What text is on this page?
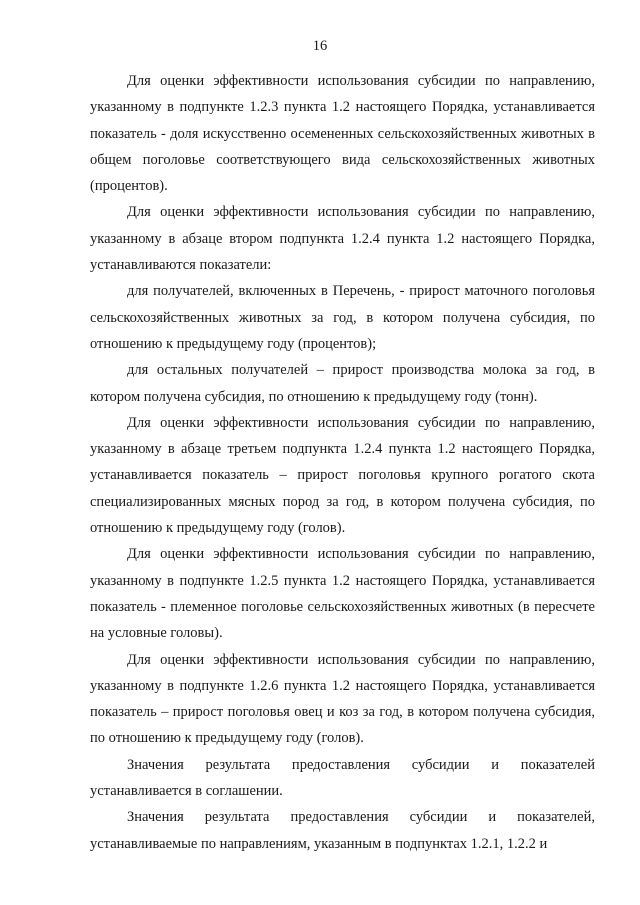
16

Для оценки эффективности использования субсидии по направлению, указанному в подпункте 1.2.3 пункта 1.2 настоящего Порядка, устанавливается показатель - доля искусственно осемененных сельскохозяйственных животных в общем поголовье соответствующего вида сельскохозяйственных животных (процентов).

Для оценки эффективности использования субсидии по направлению, указанному в абзаце втором подпункта 1.2.4 пункта 1.2 настоящего Порядка, устанавливаются показатели:

для получателей, включенных в Перечень, - прирост маточного поголовья сельскохозяйственных животных за год, в котором получена субсидия, по отношению к предыдущему году (процентов);

для остальных получателей – прирост производства молока за год, в котором получена субсидия, по отношению к предыдущему году (тонн).

Для оценки эффективности использования субсидии по направлению, указанному в абзаце третьем подпункта 1.2.4 пункта 1.2 настоящего Порядка, устанавливается показатель – прирост поголовья крупного рогатого скота специализированных мясных пород за год, в котором получена субсидия, по отношению к предыдущему году (голов).

Для оценки эффективности использования субсидии по направлению, указанному в подпункте 1.2.5 пункта 1.2 настоящего Порядка, устанавливается показатель - племенное поголовье сельскохозяйственных животных (в пересчете на условные головы).

Для оценки эффективности использования субсидии по направлению, указанному в подпункте 1.2.6 пункта 1.2 настоящего Порядка, устанавливается показатель – прирост поголовья овец и коз за год, в котором получена субсидия, по отношению к предыдущему году (голов).

Значения результата предоставления субсидии и показателей устанавливается в соглашении.

Значения результата предоставления субсидии и показателей, устанавливаемые по направлениям, указанным в подпунктах 1.2.1, 1.2.2 и
